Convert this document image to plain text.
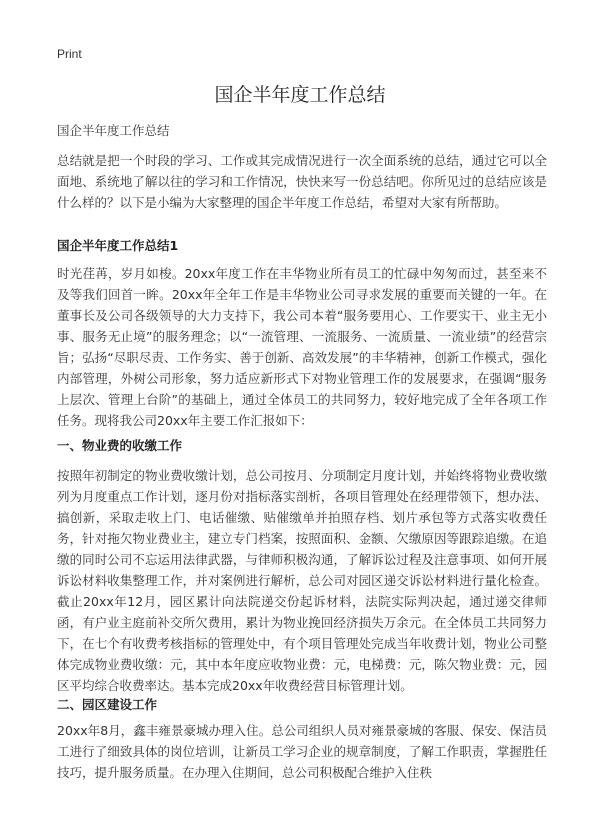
Print
国企半年度工作总结
国企半年度工作总结

总结就是把一个时段的学习、工作或其完成情况进行一次全面系统的总结，通过它可以全面地、系统地了解以往的学习和工作情况，快快来写一份总结吧。你所见过的总结应该是什么样的？以下是小编为大家整理的国企半年度工作总结，希望对大家有所帮助。

国企半年度工作总结1

时光荏苒，岁月如梭。20xx年度工作在丰华物业所有员工的忙碌中匆匆而过，甚至来不及等我们回首一眸。20xx年全年工作是丰华物业公司寻求发展的重要而关键的一年。在董事长及公司各级领导的大力支持下，我公司本着“服务要用心、工作要实干、业主无小事、服务无止境”的服务理念；以“一流管理、一流服务、一流质量、一流业绩”的经营宗旨；弘扬“尽职尽责、工作务实、善于创新、高效发展”的丰华精神，创新工作模式，强化内部管理，外树公司形象，努力适应新形式下对物业管理工作的发展要求，在强调“服务上层次、管理上台阶”的基础上，通过全体员工的共同努力，较好地完成了全年各项工作任务。现将我公司20xx年主要工作汇报如下：

一、物业费的收缴工作

按照年初制定的物业费收缴计划，总公司按月、分项制定月度计划，并始终将物业费收缴列为月度重点工作计划，逐月份对指标落实剖析，各项目管理处在经理带领下，想办法、搞创新，采取走收上门、电话催缴、贴催缴单并拍照存档、划片承包等方式落实收费任务，针对拖欠物业费业主，建立专门档案，按照面积、金额、欠缴原因等跟踪追缴。在追缴的同时公司不忘运用法律武器，与律师积极沟通，了解诉讼过程及注意事项、如何开展诉讼材料收集整理工作，并对案例进行解析，总公司对园区递交诉讼材料进行量化检查。截止20xx年12月，园区累计向法院递交份起诉材料，法院实际判决起，通过递交律师函，有户业主庭前补交所欠费用，累计为物业挽回经济损失万余元。在全体员工共同努力下，在七个有收费考核指标的管理处中，有个项目管理处完成当年收费计划，物业公司整体完成物业费收缴：元，其中本年度应收物业费：元，电梯费：元，陈欠物业费：元，园区平均综合收费率达。基本完成20xx年收费经营目标管理计划。

二、园区建设工作

20xx年8月，鑫丰雍景豪城办理入住。总公司组织人员对雍景豪城的客服、保安、保洁员工进行了细致具体的岗位培训，让新员工学习企业的规章制度，了解工作职责，掌握胜任技巧，提升服务质量。在办理入住期间，总公司积极配合维护入住秩
